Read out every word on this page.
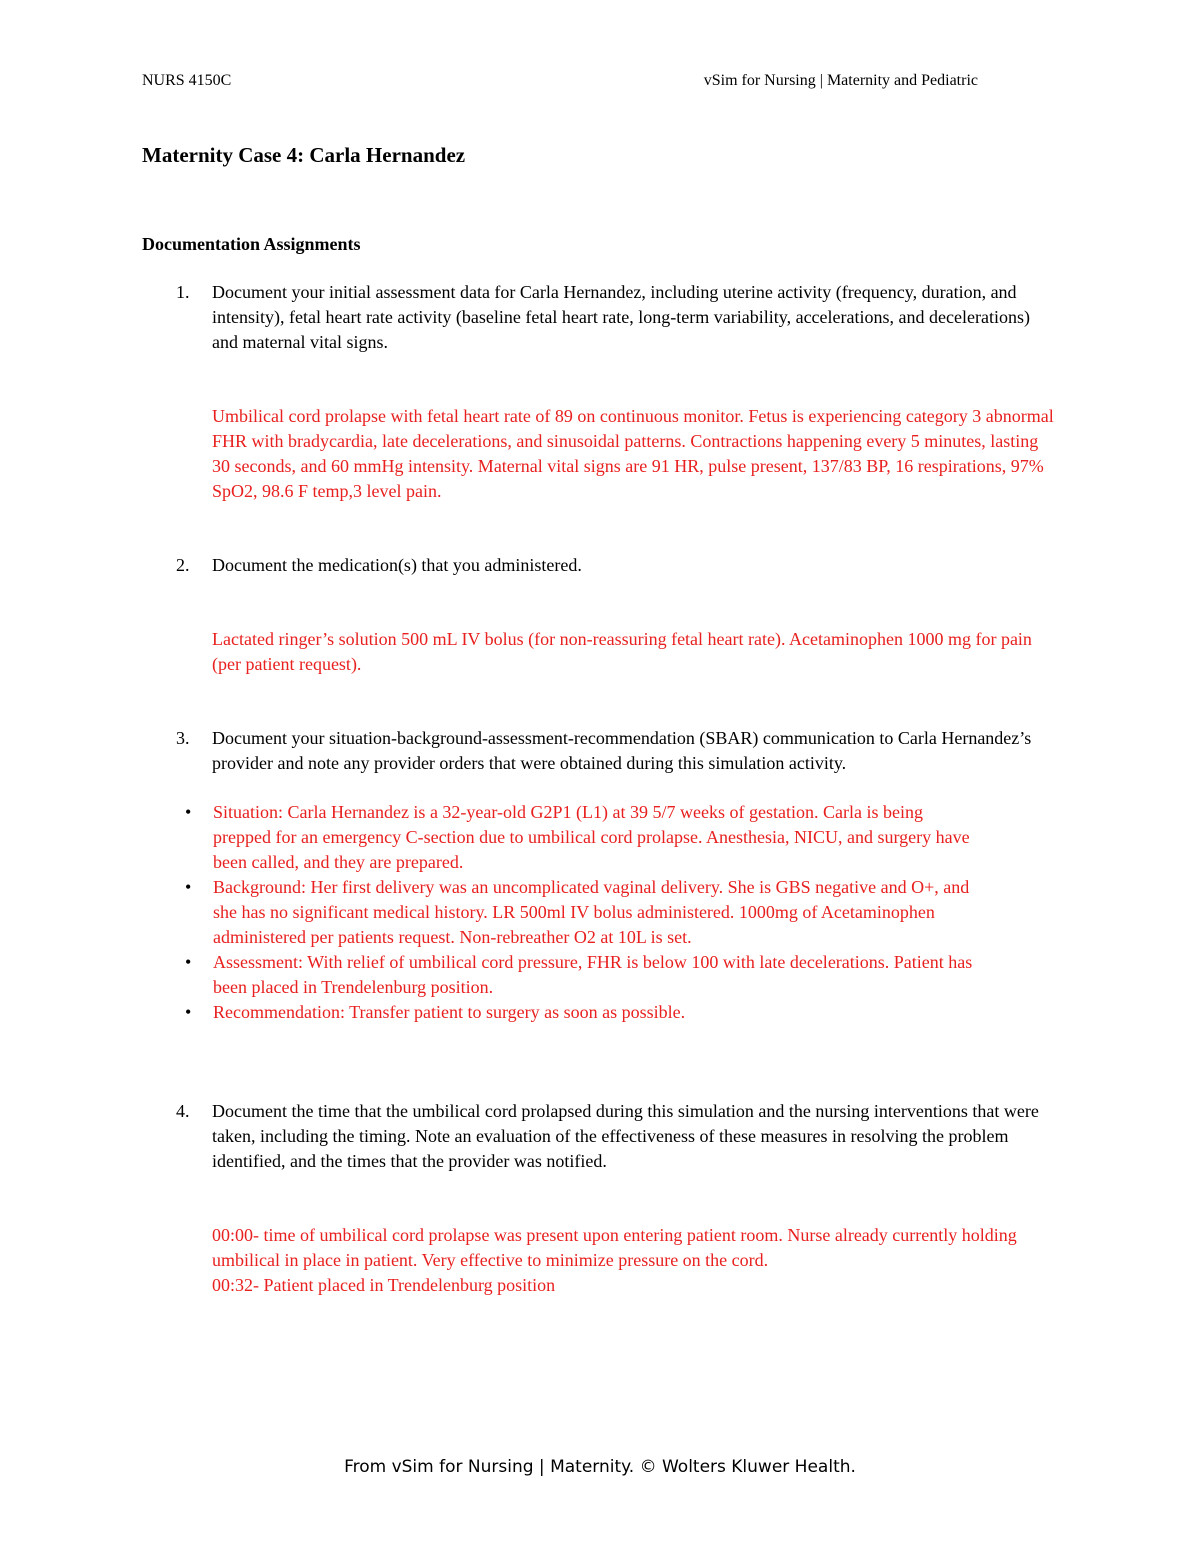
NURS 4150C	vSim for Nursing | Maternity and Pediatric
Maternity Case 4: Carla Hernandez
Documentation Assignments
1.	Document your initial assessment data for Carla Hernandez, including uterine activity (frequency, duration, and intensity), fetal heart rate activity (baseline fetal heart rate, long-term variability, accelerations, and decelerations) and maternal vital signs.

Umbilical cord prolapse with fetal heart rate of 89 on continuous monitor. Fetus is experiencing category 3 abnormal FHR with bradycardia, late decelerations, and sinusoidal patterns. Contractions happening every 5 minutes, lasting 30 seconds, and 60 mmHg intensity. Maternal vital signs are 91 HR, pulse present, 137/83 BP, 16 respirations, 97% SpO2, 98.6 F temp,3 level pain.

2.	Document the medication(s) that you administered.

Lactated ringer’s solution 500 mL IV bolus (for non-reassuring fetal heart rate). Acetaminophen 1000 mg for pain (per patient request).

3.	Document your situation-background-assessment-recommendation (SBAR) communication to Carla Hernandez’s provider and note any provider orders that were obtained during this simulation activity.

•	Situation: Carla Hernandez is a 32-year-old G2P1 (L1) at 39 5/7 weeks of gestation. Carla is being prepped for an emergency C-section due to umbilical cord prolapse. Anesthesia, NICU, and surgery have been called, and they are prepared.
•	Background: Her first delivery was an uncomplicated vaginal delivery. She is GBS negative and O+, and she has no significant medical history. LR 500ml IV bolus administered. 1000mg of Acetaminophen administered per patients request. Non-rebreather O2 at 10L is set.
•	Assessment: With relief of umbilical cord pressure, FHR is below 100 with late decelerations. Patient has been placed in Trendelenburg position.
•	Recommendation: Transfer patient to surgery as soon as possible.
4.	Document the time that the umbilical cord prolapsed during this simulation and the nursing interventions that were taken, including the timing. Note an evaluation of the effectiveness of these measures in resolving the problem identified, and the times that the provider was notified.

00:00- time of umbilical cord prolapse was present upon entering patient room. Nurse already currently holding umbilical in place in patient. Very effective to minimize pressure on the cord.

00:32- Patient placed in Trendelenburg position

From vSim for Nursing | Maternity. © Wolters Kluwer Health.
